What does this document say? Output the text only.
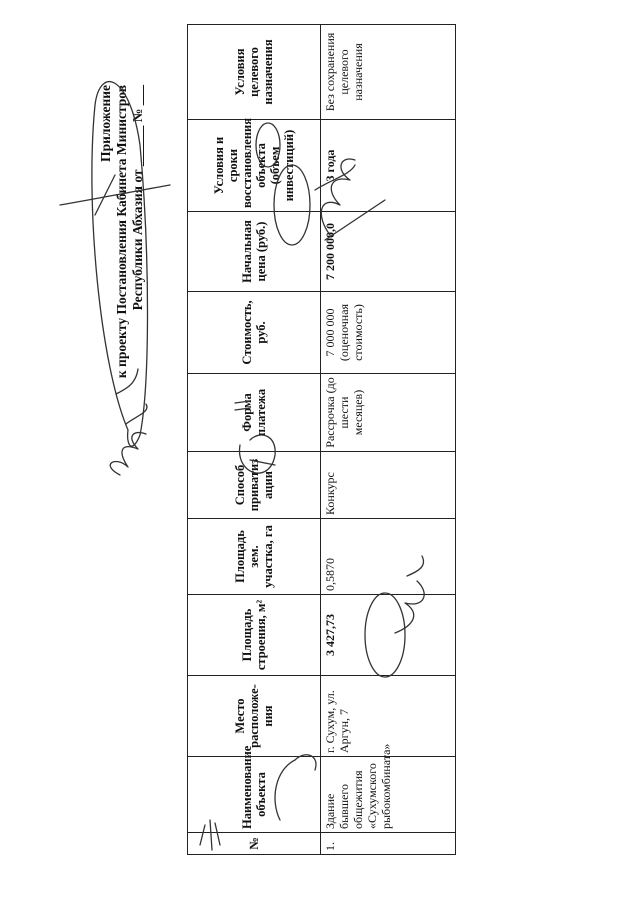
Приложение к проекту Постановления Кабинета Министров Республики Абхазия от ______ № ___
№	Наименование объекта	Место расположе-ния	Площадь строения, м²	Площадь зем. участка, га	Способ приватиз ации	Форма платежа	Стоимость, руб.	Начальная цена (руб.)	Условия и сроки восстановления объекта (объем инвестиций)	Условия целевого назначения
1.	Здание бывшего общежития «Сухумского рыбокомбината»	г. Сухум, ул. Аргун, 7	3 427,73	0,5870	Конкурс	Рассрочка (до шести месяцев)	7 000 000 (оценочная стоимость)	7 200 000,0	3 года	Без сохранения целевого назначения
